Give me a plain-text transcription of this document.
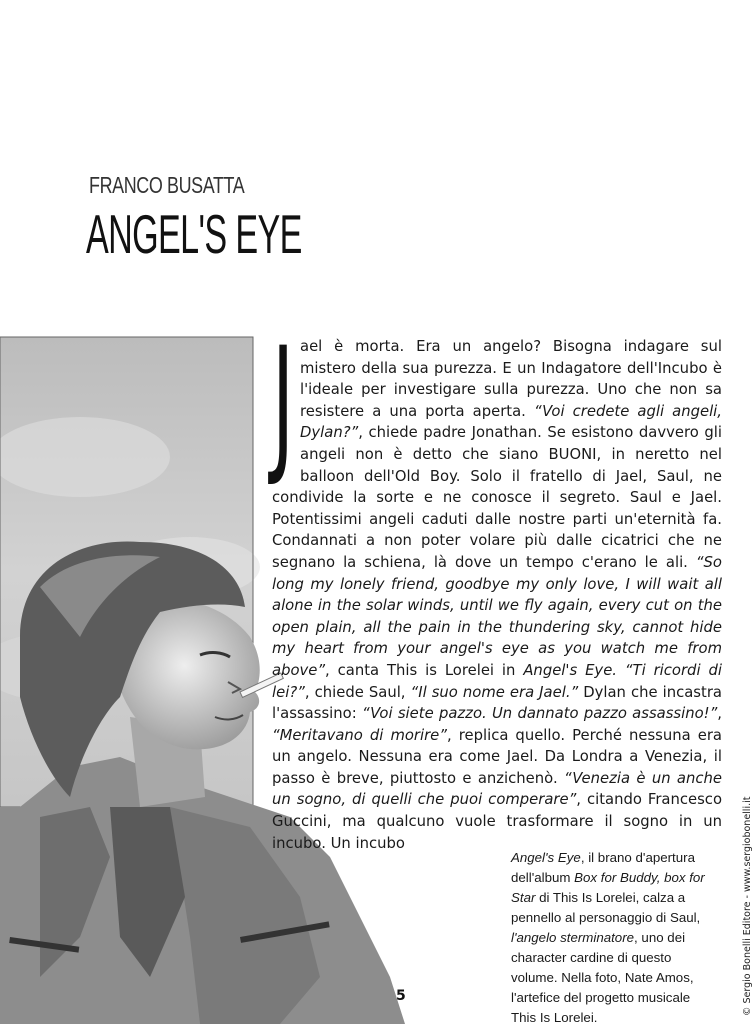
FRANCO BUSATTA
ANGEL'S EYE
J ael è morta. Era un angelo? Bisogna indagare sul mistero della sua purezza. E un Indagatore dell'Incubo è l'ideale per investigare sulla purezza. Uno che non sa resistere a una porta aperta. “Voi credete agli angeli, Dylan?”, chiede padre Jonathan. Se esistono davvero gli angeli non è detto che siano BUONI, in neretto nel balloon dell'Old Boy. Solo il fratello di Jael, Saul, ne condivide la sorte e ne conosce il segreto. Saul e Jael. Potentissimi angeli caduti dalle nostre parti un'eternità fa. Condannati a non poter volare più dalle cicatrici che ne segnano la schiena, là dove un tempo c'erano le ali. “So long my lonely friend, goodbye my only love, I will wait all alone in the solar winds, until we fly again, every cut on the open plain, all the pain in the thundering sky, cannot hide my heart from your angel's eye as you watch me from above”, canta This is Lorelei in Angel's Eye. “Ti ricordi di lei?”, chiede Saul, “Il suo nome era Jael.” Dylan che incastra l'assassino: “Voi siete pazzo. Un dannato pazzo assassino!”, “Meritavano di morire”, replica quello. Perché nessuna era un angelo. Nessuna era come Jael. Da Londra a Venezia, il passo è breve, piuttosto e anzichenò. “Venezia è un anche un sogno, di quelli che puoi comperare”, citando Francesco Guccini, ma qualcuno vuole trasformare il sogno in un incubo. Un incubo
Angel's Eye, il brano d'apertura dell'album Box for Buddy, box for Star di This Is Lorelei, calza a pennello al personaggio di Saul, l'angelo sterminatore, uno dei character cardine di questo volume. Nella foto, Nate Amos, l'artefice del progetto musicale This Is Lorelei.
5	© Sergio Bonelli Editore - www.sergiobonelli.it
